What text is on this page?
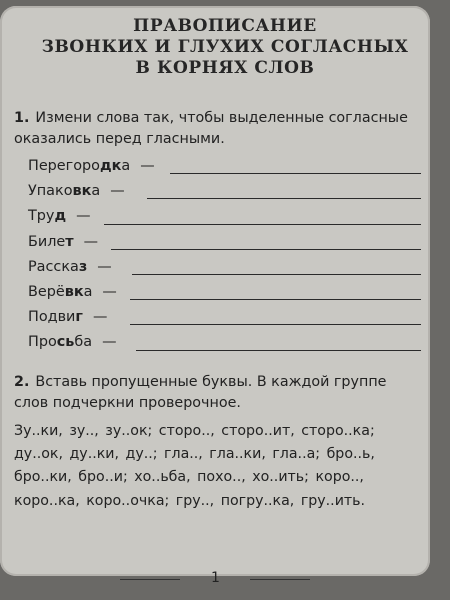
ПРАВОПИСАНИЕ
ЗВОНКИХ И ГЛУХИХ СОГЛАСНЫХ
В КОРНЯХ СЛОВ
1. Измени слова так, чтобы выделенные согласные оказались перед гласными.
Перегородка —
Упаковка —
Труд —
Билет —
Рассказ —
Верёвка —
Подвиг —
Просьба —
2. Вставь пропущенные буквы. В каждой группе слов подчеркни проверочное.
Зу..ки, зу.., зу..ок; сторо.., сторо..ит, сторо..ка; ду..ок, ду..ки, ду..; гла.., гла..ки, гла..а; бро..ь, бро..ки, бро..и; хо..ьба, похо.., хо..ить; коро.., коро..ка, коро..очка; гру.., погру..ка, гру..ить.
1
